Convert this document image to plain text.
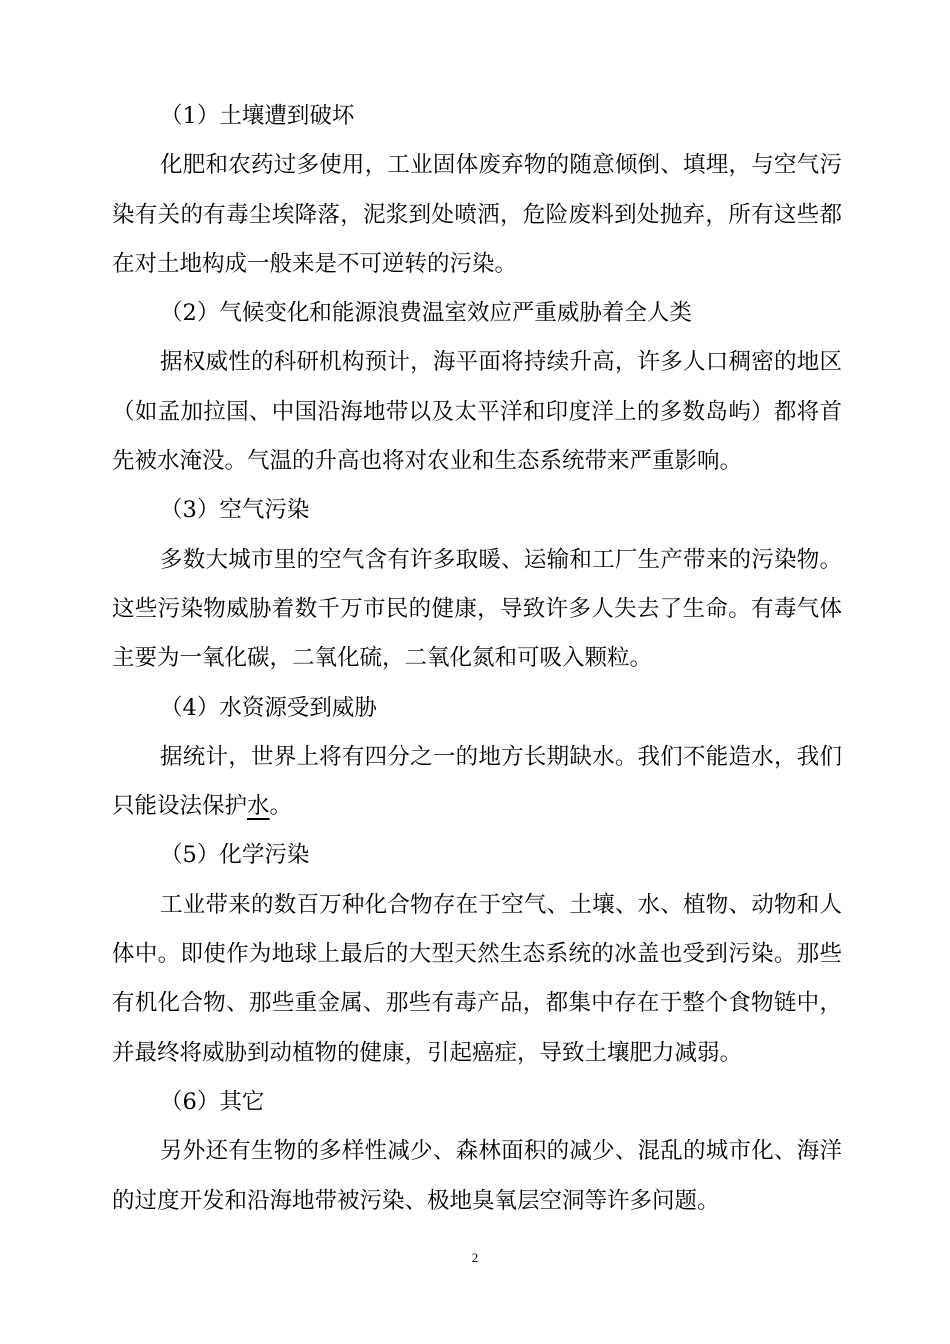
（1）土壤遭到破坏

化肥和农药过多使用，工业固体废弃物的随意倾倒、填埋，与空气污染有关的有毒尘埃降落，泥浆到处喷洒，危险废料到处抛弃，所有这些都在对土地构成一般来是不可逆转的污染。

（2）气候变化和能源浪费温室效应严重威胁着全人类

据权威性的科研机构预计，海平面将持续升高，许多人口稠密的地区（如孟加拉国、中国沿海地带以及太平洋和印度洋上的多数岛屿）都将首先被水淹没。气温的升高也将对农业和生态系统带来严重影响。

（3）空气污染

多数大城市里的空气含有许多取暖、运输和工厂生产带来的污染物。这些污染物威胁着数千万市民的健康，导致许多人失去了生命。有毒气体主要为一氧化碳，二氧化硫，二氧化氮和可吸入颗粒。

（4）水资源受到威胁

据统计，世界上将有四分之一的地方长期缺水。我们不能造水，我们只能设法保护水。

（5）化学污染

工业带来的数百万种化合物存在于空气、土壤、水、植物、动物和人体中。即使作为地球上最后的大型天然生态系统的冰盖也受到污染。那些有机化合物、那些重金属、那些有毒产品，都集中存在于整个食物链中，并最终将威胁到动植物的健康，引起癌症，导致土壤肥力减弱。

（6）其它

另外还有生物的多样性减少、森林面积的减少、混乱的城市化、海洋的过度开发和沿海地带被污染、极地臭氧层空洞等许多问题。

2
